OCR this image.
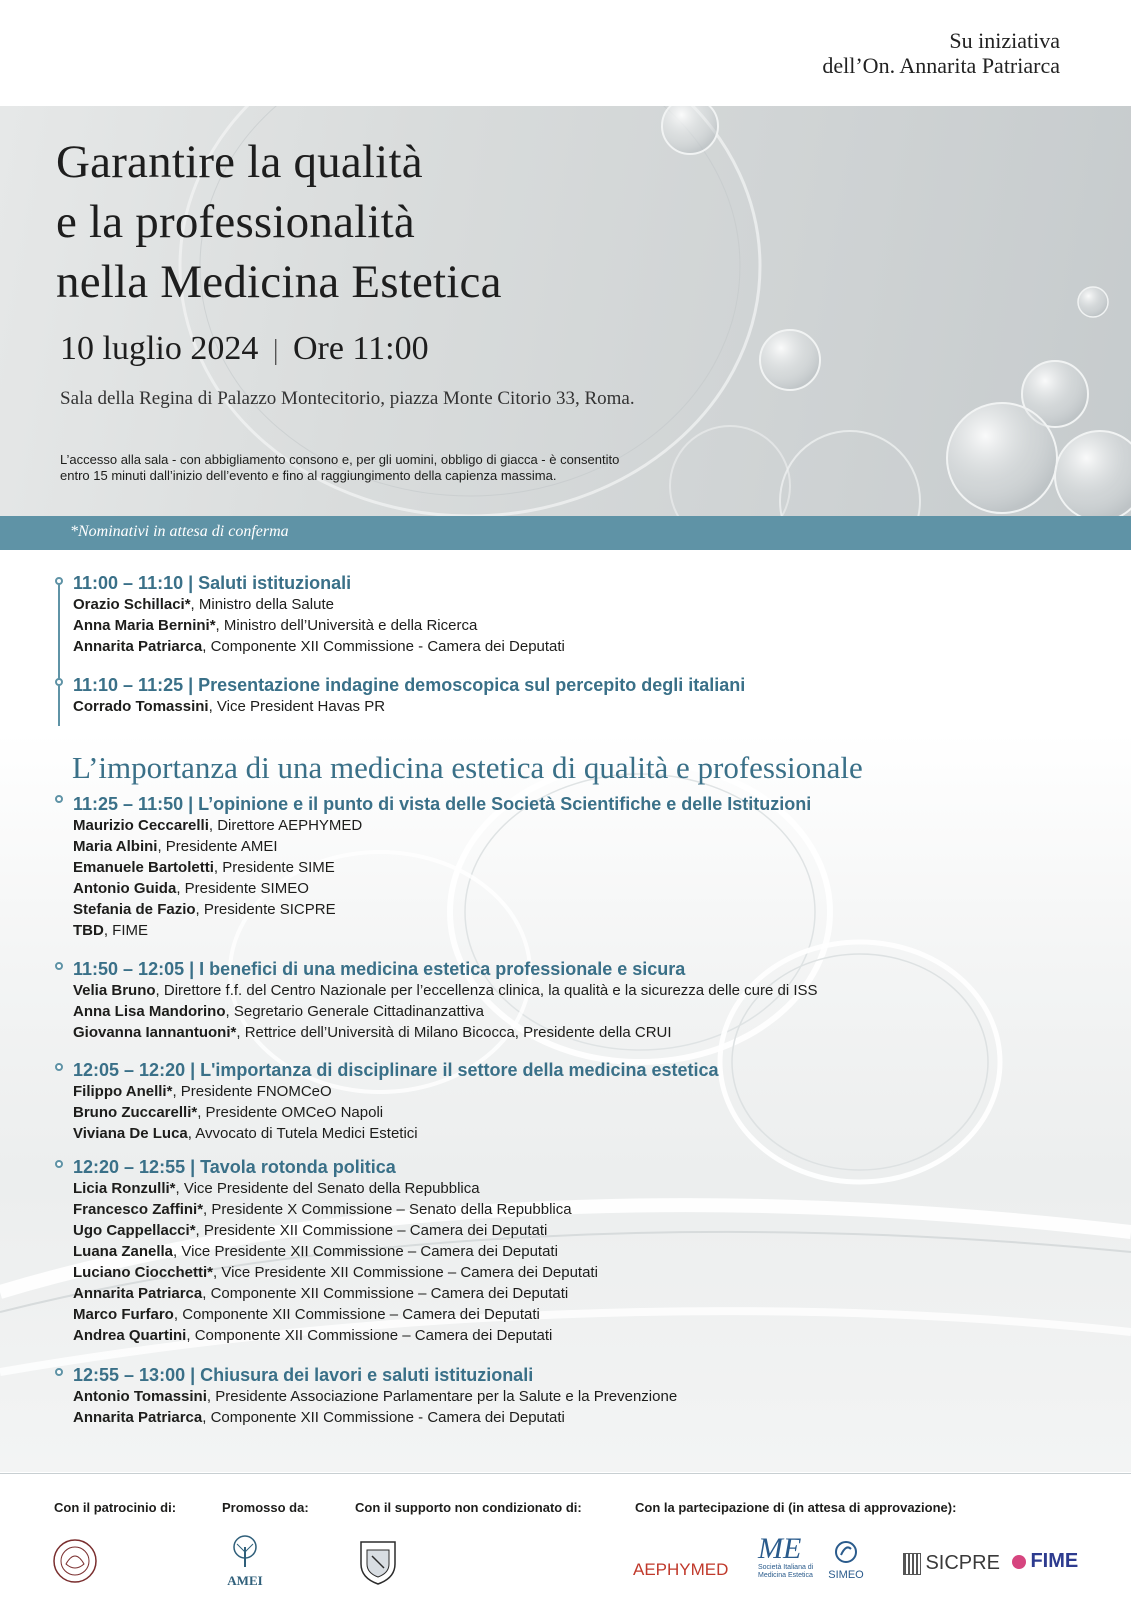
Su iniziativa
dell’On. Annarita Patriarca
Garantire la qualità
e la professionalità
nella Medicina Estetica
10 luglio 2024 | Ore 11:00
Sala della Regina di Palazzo Montecitorio, piazza Monte Citorio 33, Roma.
L’accesso alla sala - con abbigliamento consono e, per gli uomini, obbligo di giacca - è consentito
entro 15 minuti dall’inizio dell’evento e fino al raggiungimento della capienza massima.
*Nominativi in attesa di conferma
11:00 – 11:10 | Saluti istituzionali
Orazio Schillaci*, Ministro della Salute
Anna Maria Bernini*, Ministro dell’Università e della Ricerca
Annarita Patriarca, Componente XII Commissione - Camera dei Deputati
11:10 – 11:25 | Presentazione indagine demoscopica sul percepito degli italiani
Corrado Tomassini, Vice President Havas PR
L’importanza di una medicina estetica di qualità e professionale
11:25 – 11:50 | L’opinione e il punto di vista delle Società Scientifiche e delle Istituzioni
Maurizio Ceccarelli, Direttore AEPHYMED
Maria Albini, Presidente AMEI
Emanuele Bartoletti, Presidente SIME
Antonio Guida, Presidente SIMEO
Stefania de Fazio, Presidente SICPRE
TBD, FIME
11:50 – 12:05 | I benefici di una medicina estetica professionale e sicura
Velia Bruno, Direttore f.f. del Centro Nazionale per l’eccellenza clinica, la qualità e la sicurezza delle cure di ISS
Anna Lisa Mandorino, Segretario Generale Cittadinanzattiva
Giovanna Iannantuoni*, Rettrice dell’Università di Milano Bicocca, Presidente della CRUI
12:05 – 12:20 | L'importanza di disciplinare il settore della medicina estetica
Filippo Anelli*, Presidente FNOMCeO
Bruno Zuccarelli*, Presidente OMCeO Napoli
Viviana De Luca, Avvocato di Tutela Medici Estetici
12:20 – 12:55 | Tavola rotonda politica
Licia Ronzulli*, Vice Presidente del Senato della Repubblica
Francesco Zaffini*, Presidente X Commissione – Senato della Repubblica
Ugo Cappellacci*, Presidente XII Commissione – Camera dei Deputati
Luana Zanella, Vice Presidente XII Commissione – Camera dei Deputati
Luciano Ciocchetti*, Vice Presidente XII Commissione – Camera dei Deputati
Annarita Patriarca, Componente XII Commissione – Camera dei Deputati
Marco Furfaro, Componente XII Commissione – Camera dei Deputati
Andrea Quartini, Componente XII Commissione – Camera dei Deputati
12:55 – 13:00 | Chiusura dei lavori e saluti istituzionali
Antonio Tomassini, Presidente Associazione Parlamentare per la Salute e la Prevenzione
Annarita Patriarca, Componente XII Commissione - Camera dei Deputati
Con il patrocinio di:	Promosso da:	Con il supporto non condizionato di:	Con la partecipazione di (in attesa di approvazione):
AMEI
AEPHYMED
ME
Società Italiana di
Medicina Estetica	SIMEO
SICPRE	FIME
